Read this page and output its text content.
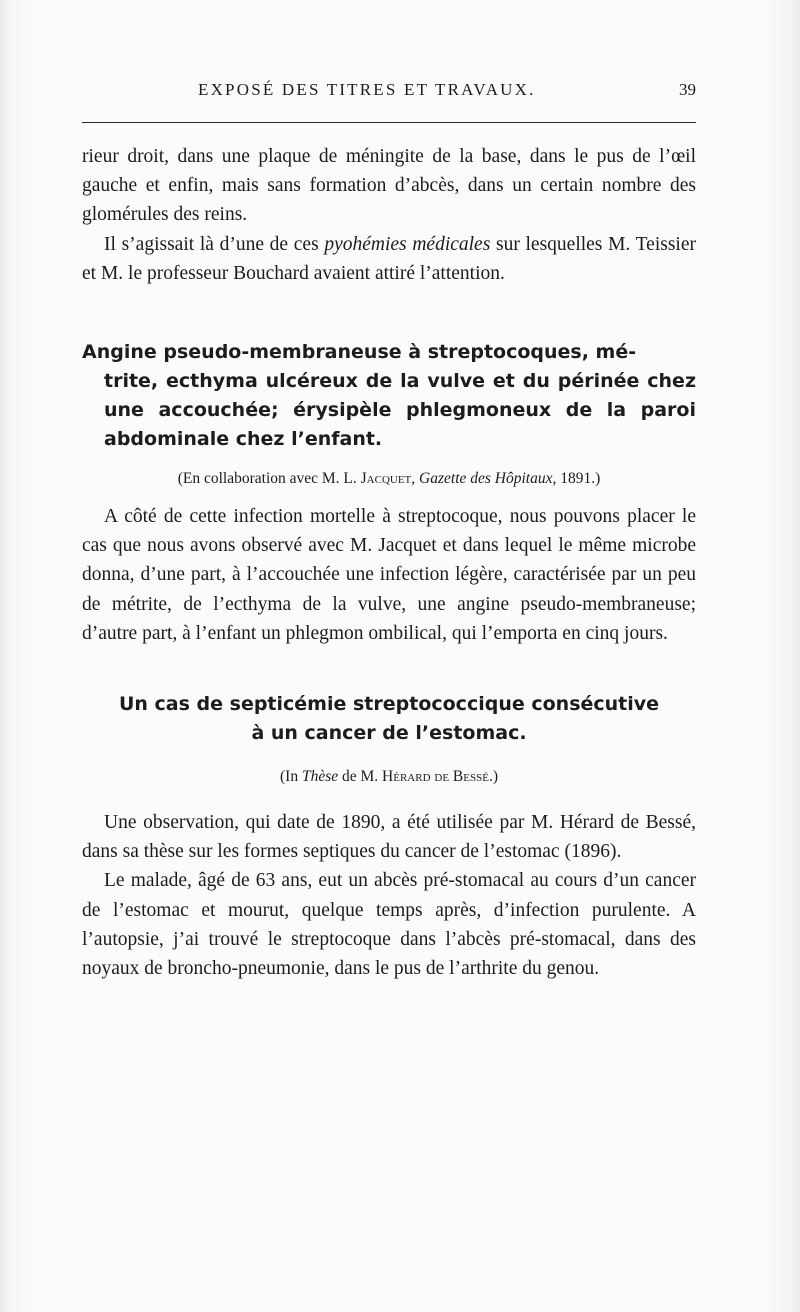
EXPOSÉ DES TITRES ET TRAVAUX.	39

rieur droit, dans une plaque de méningite de la base, dans le pus de l’œil gauche et enfin, mais sans formation d’abcès, dans un certain nombre des glomérules des reins.

Il s’agissait là d’une de ces pyohémies médicales sur lesquelles M. Teissier et M. le professeur Bouchard avaient attiré l’attention.

Angine pseudo-membraneuse à streptocoques, mé-
trite, ecthyma ulcéreux de la vulve et du périnée chez une accouchée; érysipèle phlegmoneux de la paroi abdominale chez l’enfant.

(En collaboration avec M. L. Jacquet, Gazette des Hôpitaux, 1891.)

A côté de cette infection mortelle à streptocoque, nous pouvons placer le cas que nous avons observé avec M. Jacquet et dans lequel le même microbe donna, d’une part, à l’accouchée une infection légère, caractérisée par un peu de métrite, de l’ecthyma de la vulve, une angine pseudo-membraneuse; d’autre part, à l’enfant un phlegmon ombilical, qui l’emporta en cinq jours.

Un cas de septicémie streptococcique consécutive
à un cancer de l’estomac.

(In Thèse de M. Hérard de Bessé.)

Une observation, qui date de 1890, a été utilisée par M. Hérard de Bessé, dans sa thèse sur les formes septiques du cancer de l’estomac (1896).

Le malade, âgé de 63 ans, eut un abcès pré-stomacal au cours d’un cancer de l’estomac et mourut, quelque temps après, d’infection purulente. A l’autopsie, j’ai trouvé le streptocoque dans l’abcès pré-stomacal, dans des noyaux de broncho-pneumonie, dans le pus de l’arthrite du genou.
